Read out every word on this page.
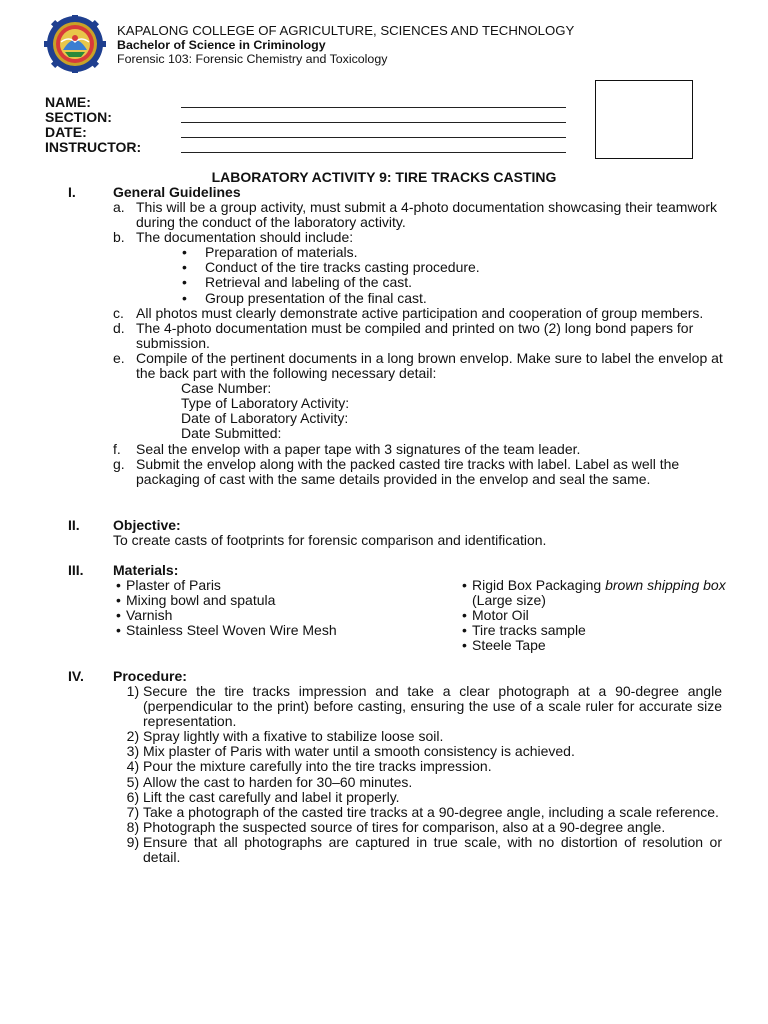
KAPALONG COLLEGE OF AGRICULTURE, SCIENCES AND TECHNOLOGY
Bachelor of Science in Criminology
Forensic 103: Forensic Chemistry and Toxicology
NAME:
SECTION:
DATE:
INSTRUCTOR:
LABORATORY ACTIVITY 9: TIRE TRACKS CASTING
I.	General Guidelines
a. This will be a group activity, must submit a 4-photo documentation showcasing their teamwork during the conduct of the laboratory activity.
b. The documentation should include:
•	Preparation of materials.
•	Conduct of the tire tracks casting procedure.
•	Retrieval and labeling of the cast.
•	Group presentation of the final cast.
c. All photos must clearly demonstrate active participation and cooperation of group members.
d. The 4-photo documentation must be compiled and printed on two (2) long bond papers for submission.
e. Compile of the pertinent documents in a long brown envelop. Make sure to label the envelop at the back part with the following necessary detail:
Case Number:
Type of Laboratory Activity:
Date of Laboratory Activity:
Date Submitted:
f.	Seal the envelop with a paper tape with 3 signatures of the team leader.
g. Submit the envelop along with the packed casted tire tracks with label. Label as well the packaging of cast with the same details provided in the envelop and seal the same.
II. Objective:
To create casts of footprints for forensic comparison and identification.
III. Materials:
• Plaster of Paris
• Mixing bowl and spatula
• Varnish
• Stainless Steel Woven Wire Mesh
• Rigid Box Packaging brown shipping box (Large size)
• Motor Oil
• Tire tracks sample
• Steele Tape
IV. Procedure:
1) Secure the tire tracks impression and take a clear photograph at a 90-degree angle (perpendicular to the print) before casting, ensuring the use of a scale ruler for accurate size representation.
2) Spray lightly with a fixative to stabilize loose soil.
3) Mix plaster of Paris with water until a smooth consistency is achieved.
4) Pour the mixture carefully into the tire tracks impression.
5) Allow the cast to harden for 30–60 minutes.
6) Lift the cast carefully and label it properly.
7) Take a photograph of the casted tire tracks at a 90-degree angle, including a scale reference.
8) Photograph the suspected source of tires for comparison, also at a 90-degree angle.
9) Ensure that all photographs are captured in true scale, with no distortion of resolution or detail.
